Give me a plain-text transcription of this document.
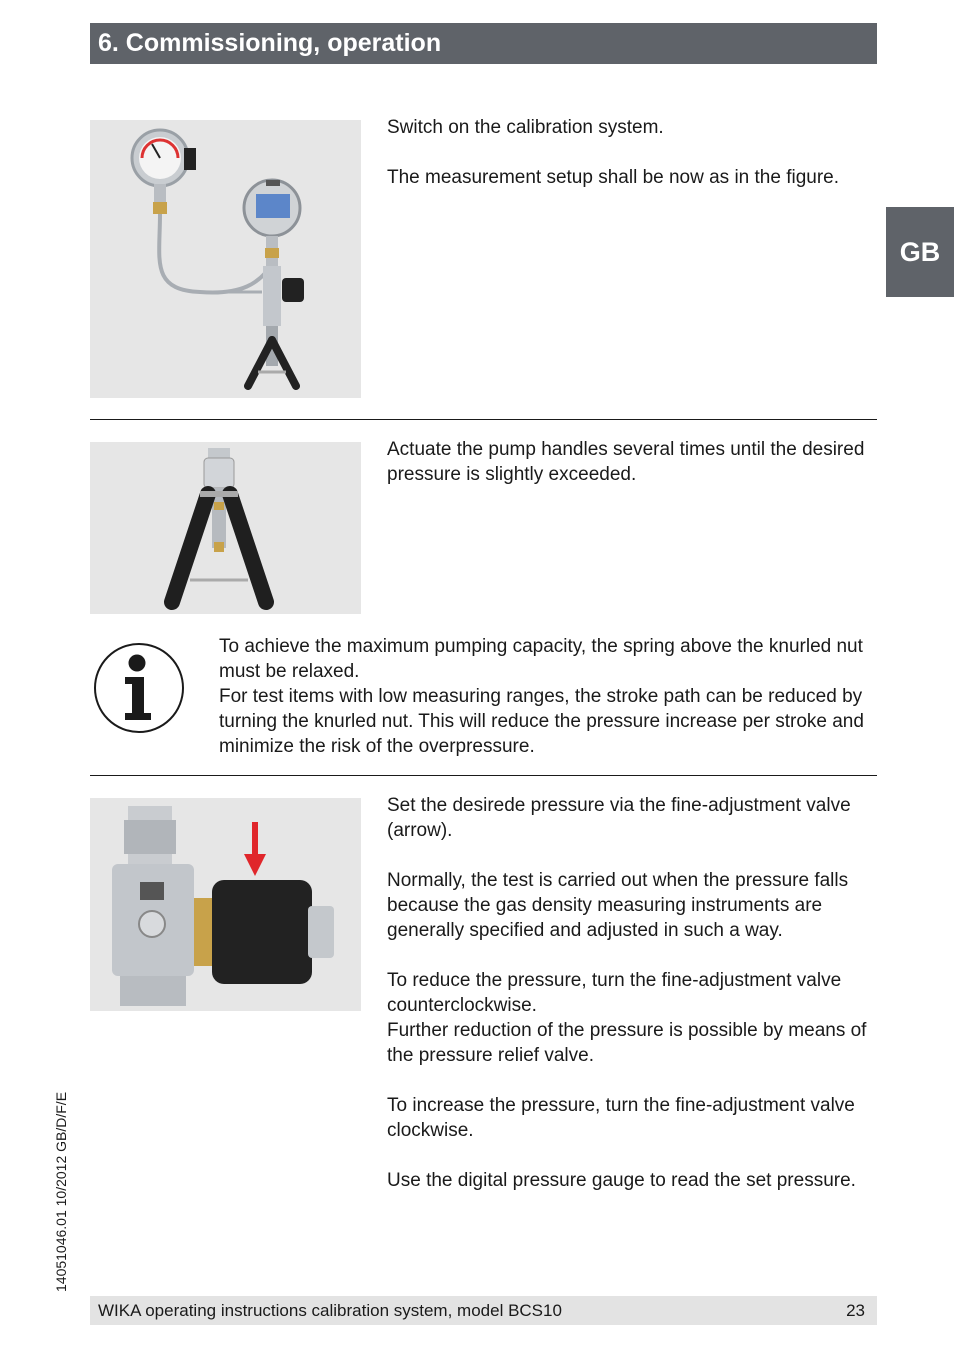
6. Commissioning, operation
GB

Switch on the calibration system.

The measurement setup shall be now as in the figure.

Actuate the pump handles several times until the desired pressure is slightly exceeded.

To achieve the maximum pumping capacity, the spring above the knurled nut must be relaxed.

For test items with low measuring ranges, the stroke path can be reduced by turning the knurled nut. This will reduce the pressure increase per stroke and minimize the risk of the overpressure.

Set the desirede pressure via the fine-adjustment valve (arrow).

Normally, the test is carried out when the pressure falls because the gas density measuring instruments are generally specified and adjusted in such a way.

To reduce the pressure, turn the fine-adjustment valve counterclockwise.

Further reduction of the pressure is possible by means of the pressure relief valve.

To increase the pressure, turn the fine-adjustment valve clockwise.

Use the digital pressure gauge to read the set pressure.

14051046.01 10/2012 GB/D/F/E
WIKA operating instructions calibration system, model BCS10	23
